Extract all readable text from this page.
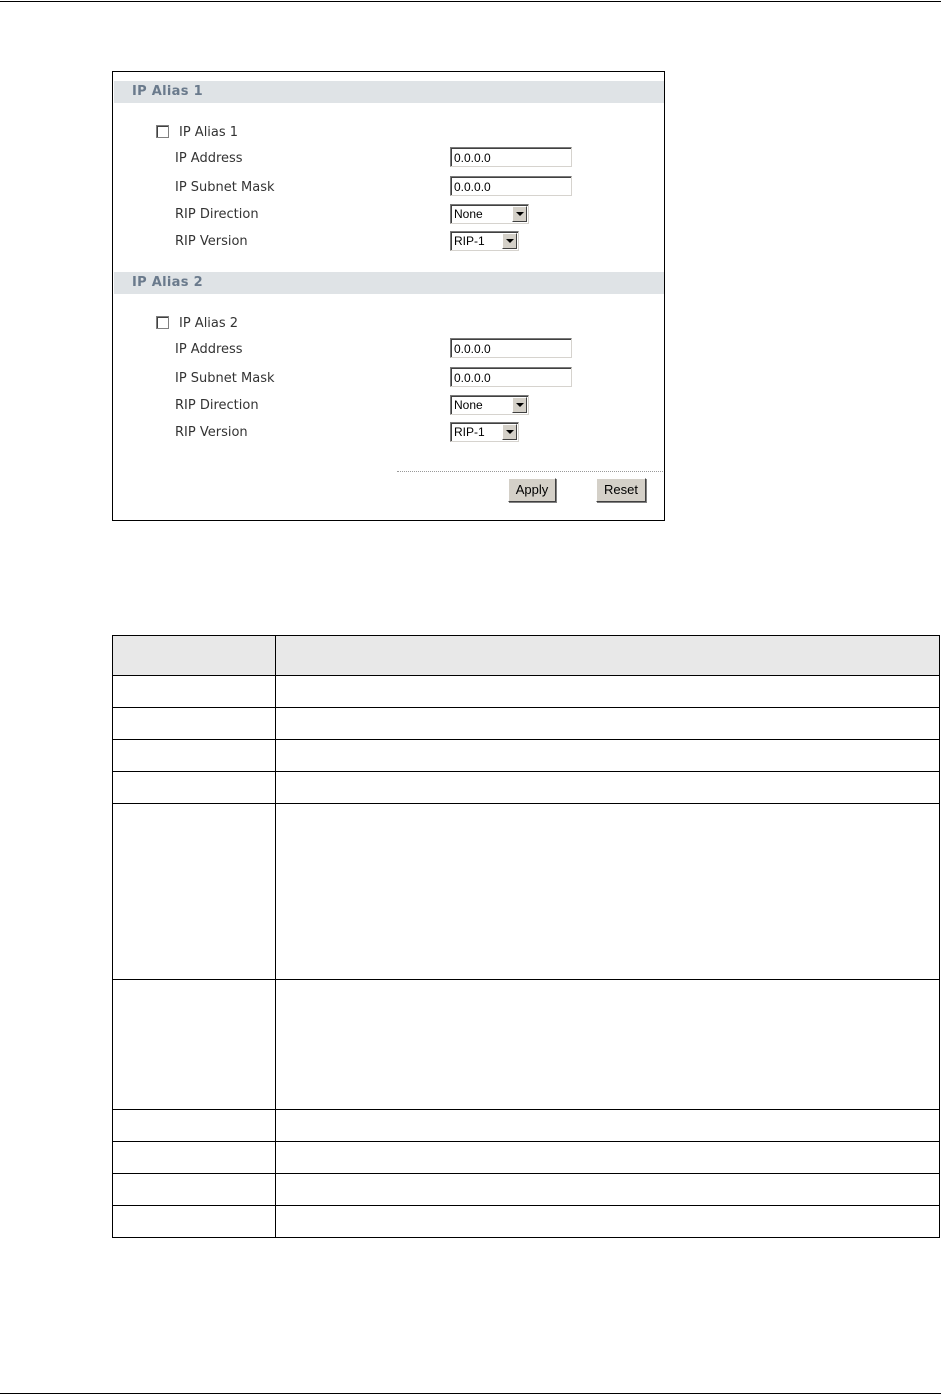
IP Alias 1
IP Alias 1
IP Address	0.0.0.0
IP Subnet Mask	0.0.0.0
RIP Direction	None
RIP Version	RIP-1
IP Alias 2
IP Alias 2
IP Address	0.0.0.0
IP Subnet Mask	0.0.0.0
RIP Direction	None
RIP Version	RIP-1
Apply	Reset
